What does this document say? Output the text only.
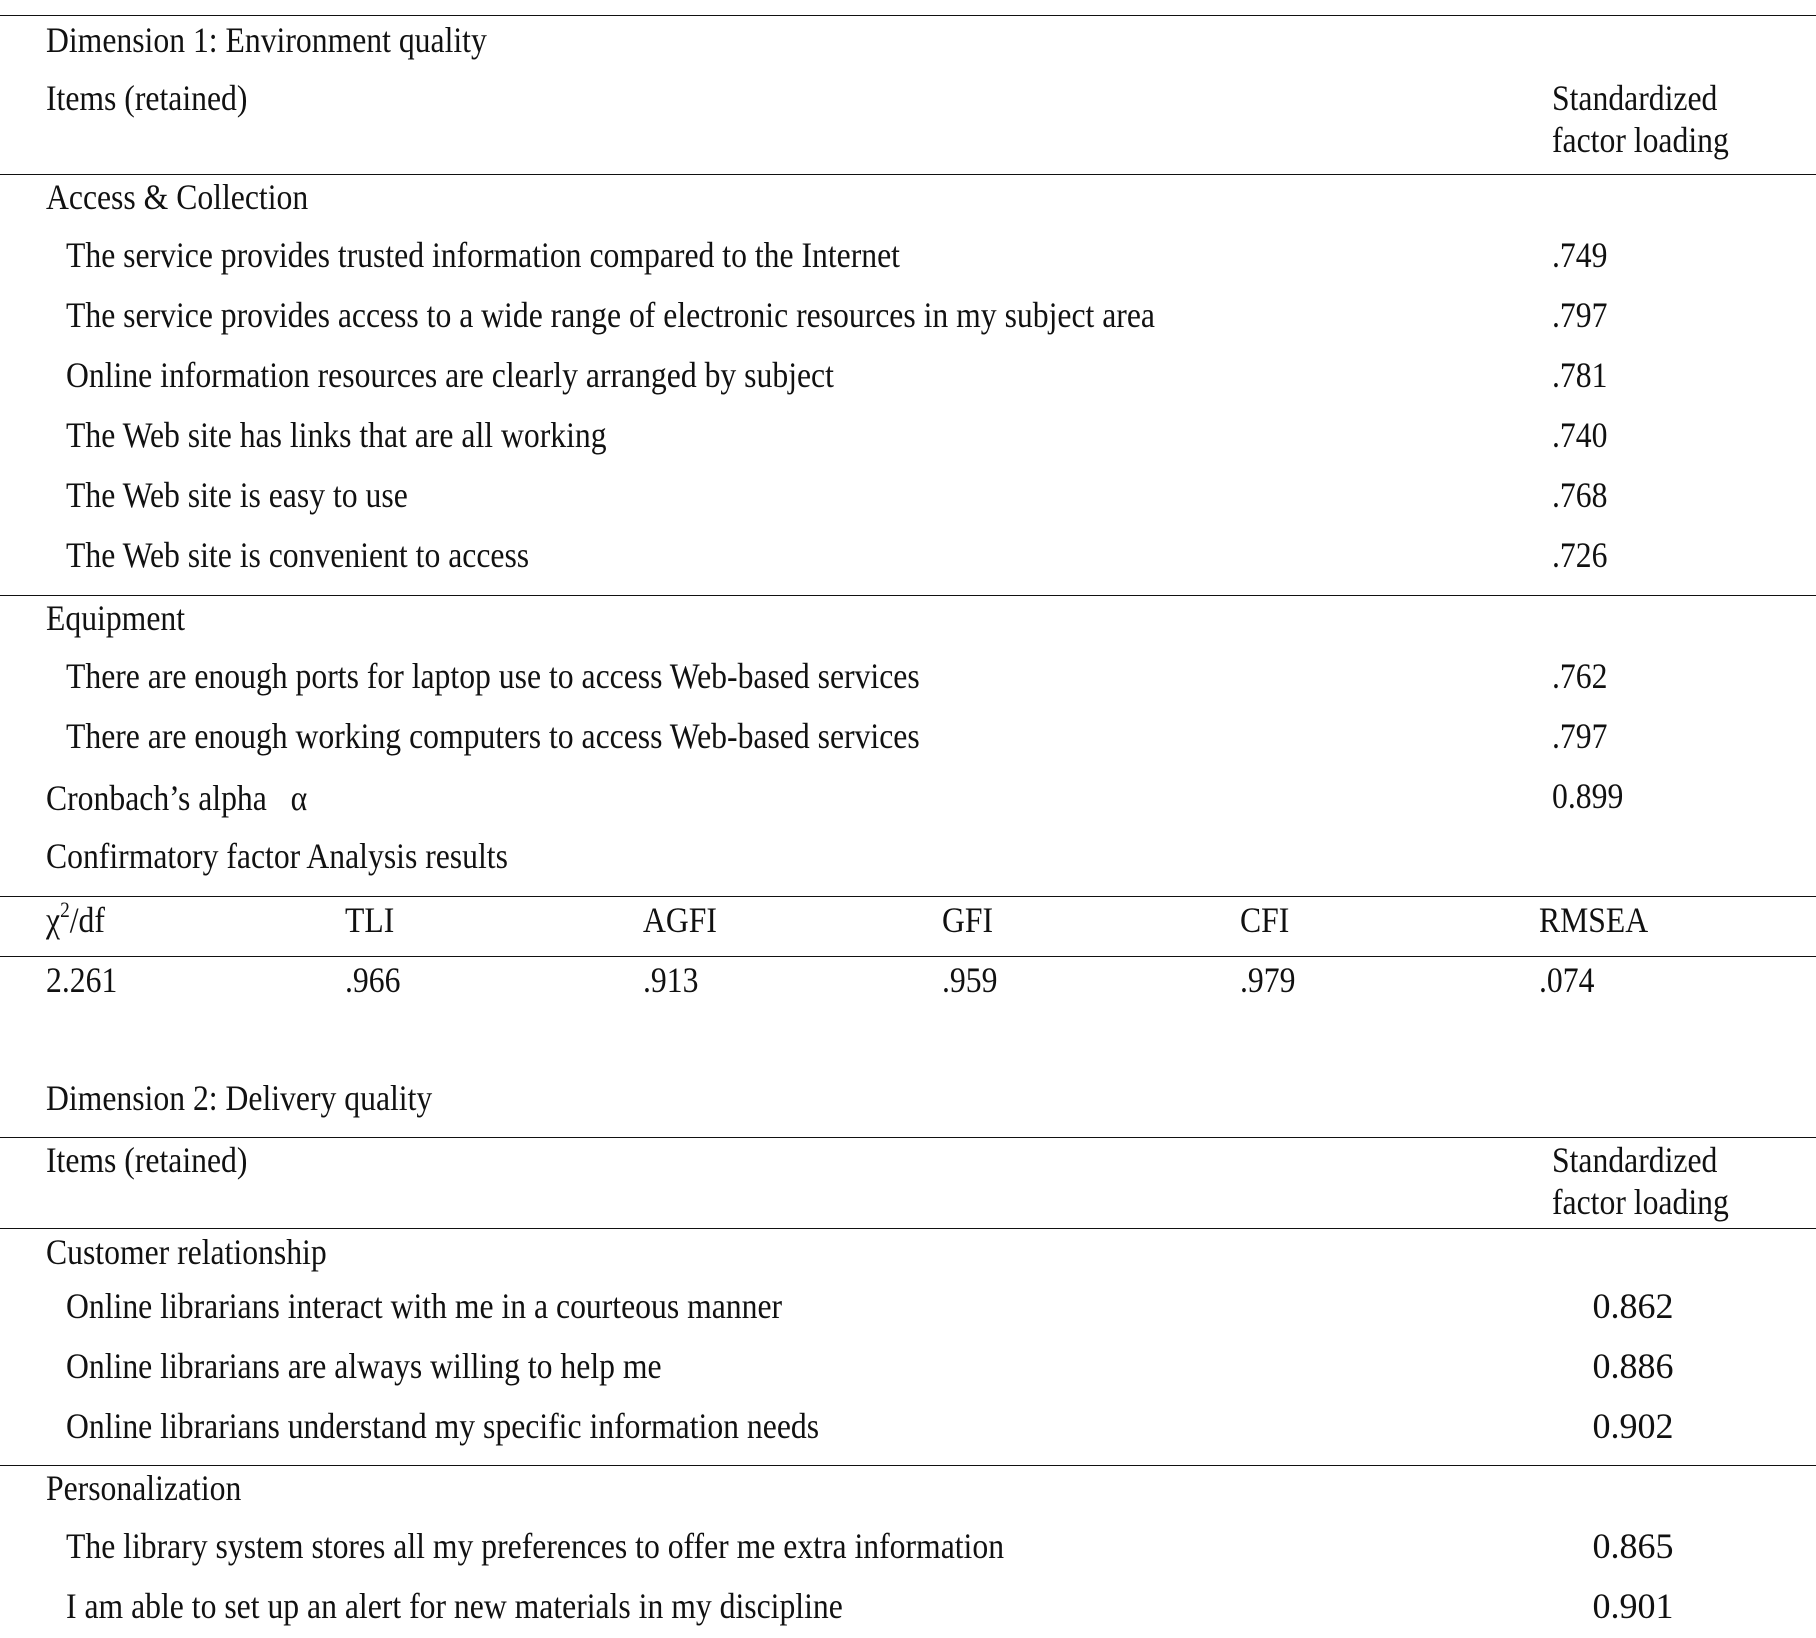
Dimension 1: Environment quality
Items (retained)	Standardized
factor loading
Access & Collection
The service provides trusted information compared to the Internet	.749
The service provides access to a wide range of electronic resources in my subject area	.797
Online information resources are clearly arranged by subject	.781
The Web site has links that are all working	.740
The Web site is easy to use	.768
The Web site is convenient to access	.726
Equipment
There are enough ports for laptop use to access Web-based services	.762
There are enough working computers to access Web-based services	.797
Cronbach’s alpha α	0.899
Confirmatory factor Analysis results
$\chi^2/df$	TLI	AGFI	GFI	CFI	RMSEA
2.261	.966	.913	.959	.979	.074
Dimension 2: Delivery quality
Items (retained)	Standardized
factor loading
Customer relationship
Online librarians interact with me in a courteous manner	0.862
Online librarians are always willing to help me	0.886
Online librarians understand my specific information needs	0.902
Personalization
The library system stores all my preferences to offer me extra information	0.865
I am able to set up an alert for new materials in my discipline	0.901
